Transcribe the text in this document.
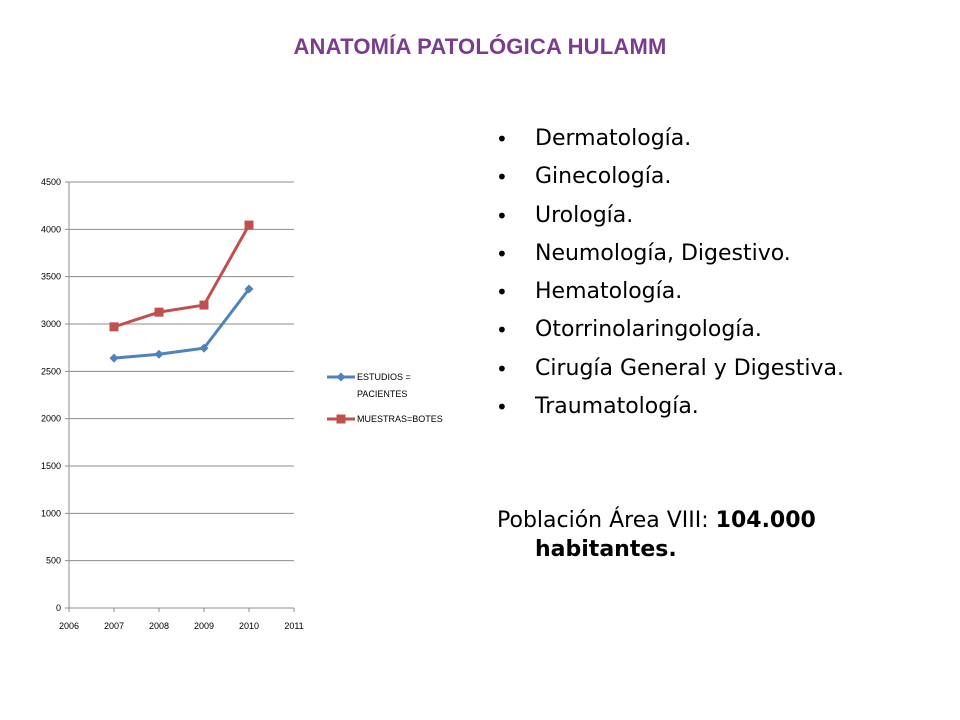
ANATOMÍA PATOLÓGICA HULAMM
0
500
1000
1500
2000
2500
3000
3500
4000
4500
2006	2007	2008	2009	2010	2011
ESTUDIOS =
PACIENTES
MUESTRAS=BOTES
• Dermatología.
• Ginecología.
• Urología.
• Neumología, Digestivo.
• Hematología.
• Otorrinolaringología.
• Cirugía General y Digestiva.
• Traumatología.
Población Área VIII: 104.000
habitantes.
